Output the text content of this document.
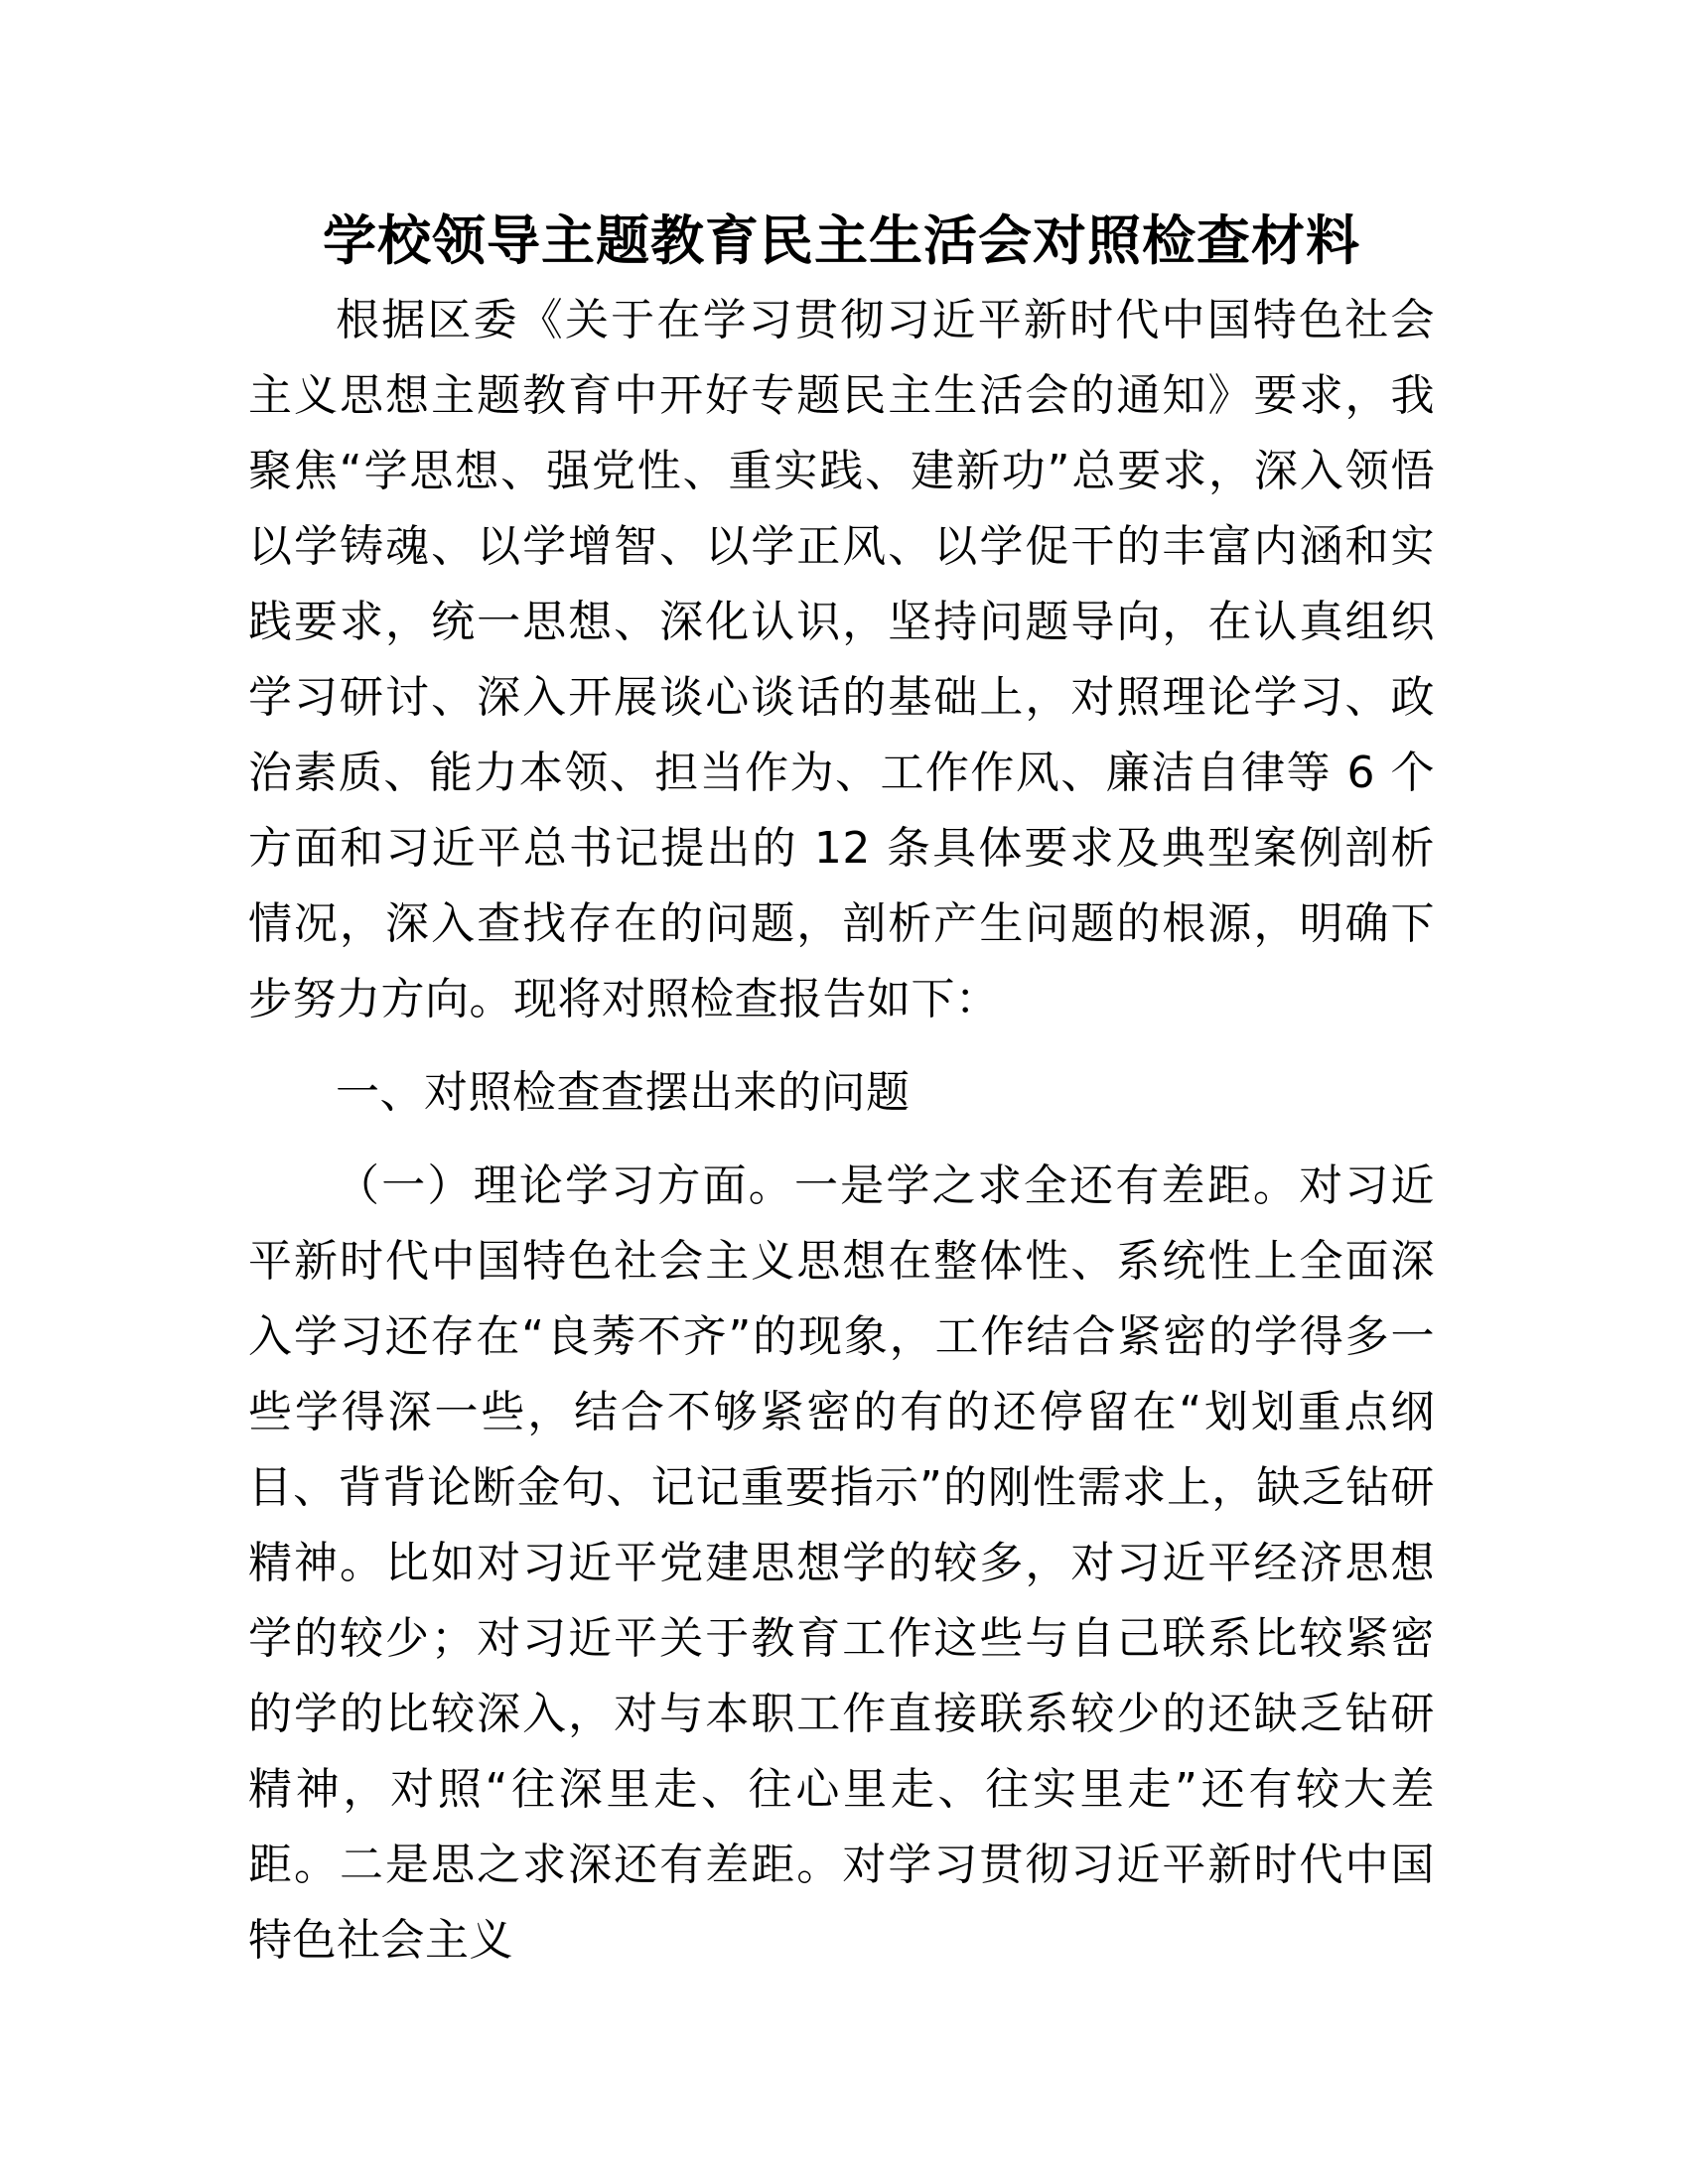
学校领导主题教育民主生活会对照检查材料

根据区委《关于在学习贯彻习近平新时代中国特色社会主义思想主题教育中开好专题民主生活会的通知》要求，我聚焦“学思想、强党性、重实践、建新功”总要求，深入领悟以学铸魂、以学增智、以学正风、以学促干的丰富内涵和实践要求，统一思想、深化认识，坚持问题导向，在认真组织学习研讨、深入开展谈心谈话的基础上，对照理论学习、政治素质、能力本领、担当作为、工作作风、廉洁自律等 6 个方面和习近平总书记提出的 12 条具体要求及典型案例剖析情况，深入查找存在的问题，剖析产生问题的根源，明确下步努力方向。现将对照检查报告如下：

一、对照检查查摆出来的问题

（一）理论学习方面。一是学之求全还有差距。对习近平新时代中国特色社会主义思想在整体性、系统性上全面深入学习还存在“良莠不齐”的现象，工作结合紧密的学得多一些学得深一些，结合不够紧密的有的还停留在“划划重点纲目、背背论断金句、记记重要指示”的刚性需求上，缺乏钻研精神。比如对习近平党建思想学的较多，对习近平经济思想学的较少；对习近平关于教育工作这些与自己联系比较紧密的学的比较深入，对与本职工作直接联系较少的还缺乏钻研精神，对照“往深里走、往心里走、往实里走”还有较大差距。二是思之求深还有差距。对学习贯彻习近平新时代中国特色社会主义
